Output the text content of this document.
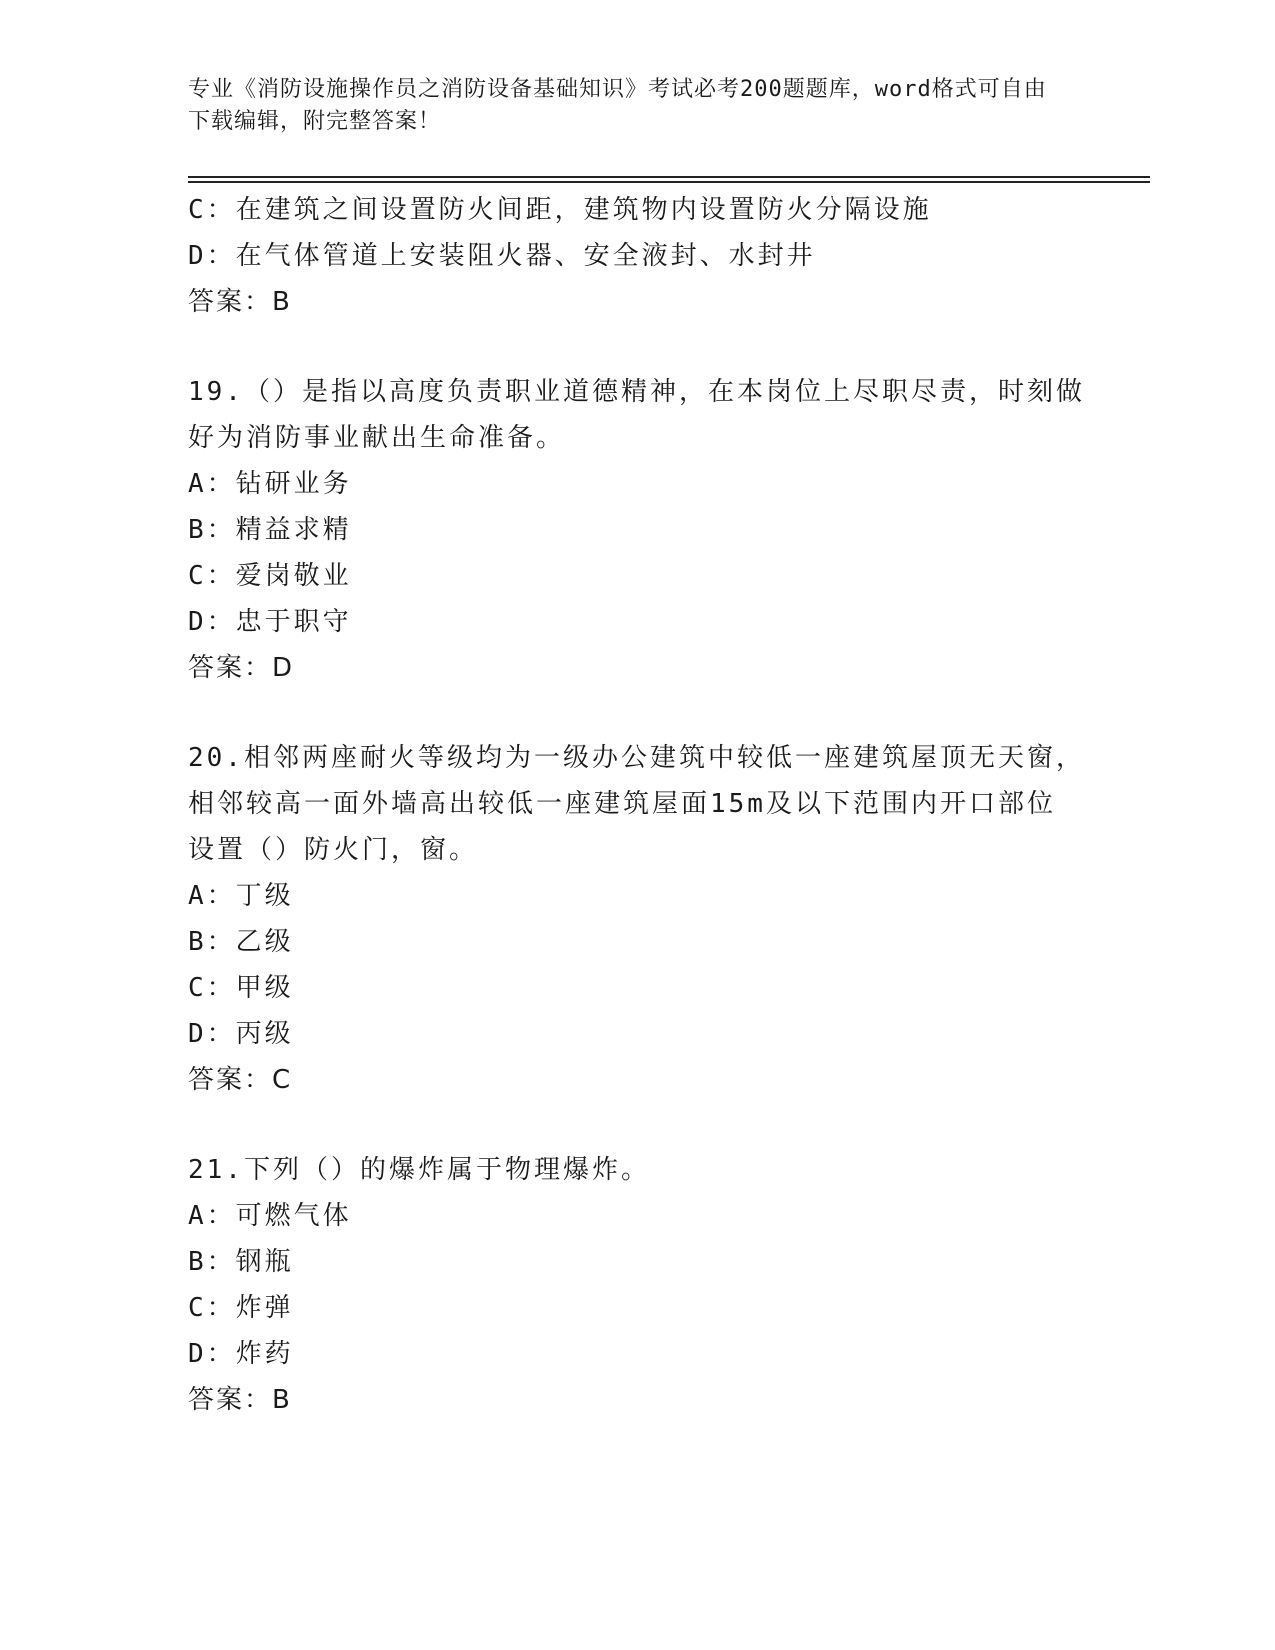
专业《消防设施操作员之消防设备基础知识》考试必考200题题库，word格式可自由下载编辑，附完整答案！
C：在建筑之间设置防火间距，建筑物内设置防火分隔设施
D：在气体管道上安装阻火器、安全液封、水封井
答案：B
19.（）是指以高度负责职业道德精神，在本岗位上尽职尽责，时刻做
好为消防事业献出生命准备。
A：钻研业务
B：精益求精
C：爱岗敬业
D：忠于职守
答案：D
20.相邻两座耐火等级均为一级办公建筑中较低一座建筑屋顶无天窗，
相邻较高一面外墙高出较低一座建筑屋面15m及以下范围内开口部位
设置（）防火门，窗。
A：丁级
B：乙级
C：甲级
D：丙级
答案：C
21.下列（）的爆炸属于物理爆炸。
A：可燃气体
B：钢瓶
C：炸弹
D：炸药
答案：B
